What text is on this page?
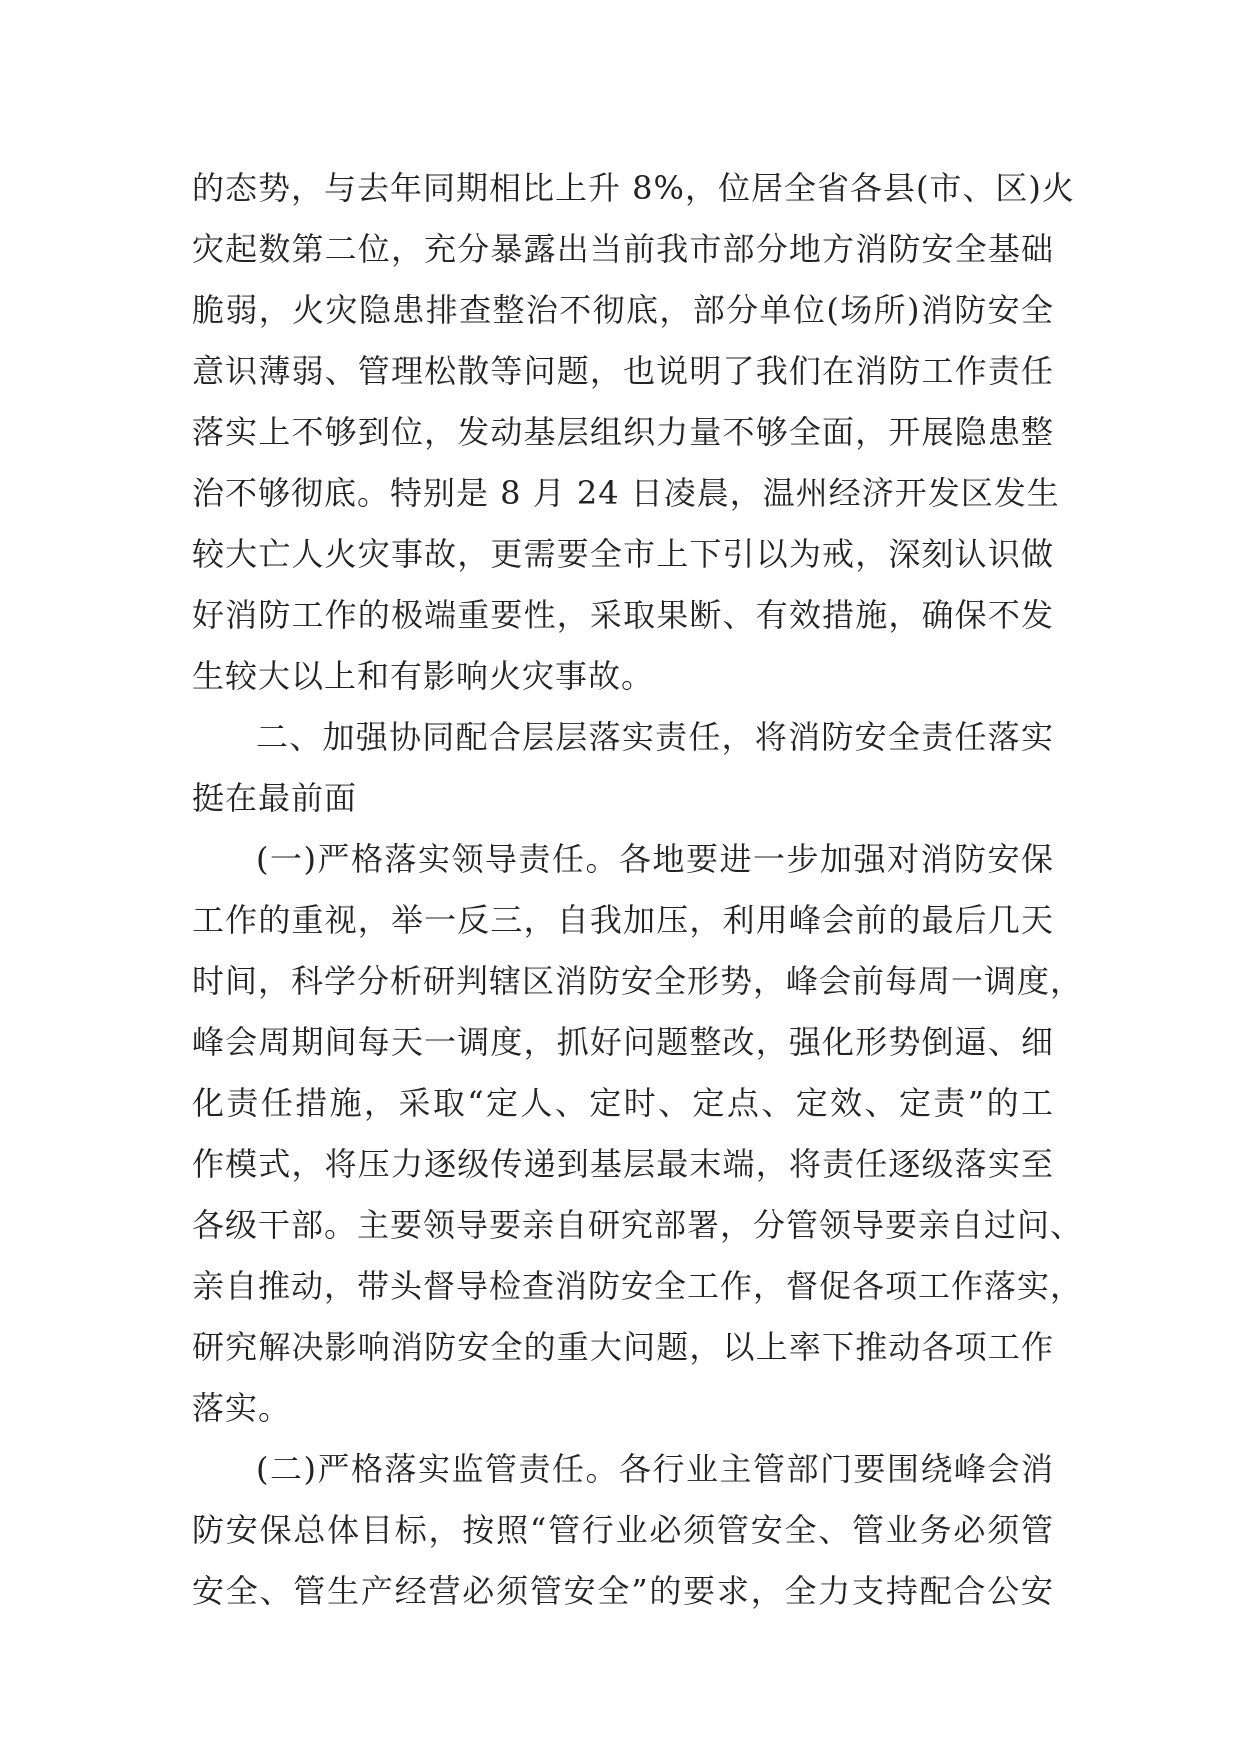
的态势，与去年同期相比上升 8%，位居全省各县(市、区)火
灾起数第二位，充分暴露出当前我市部分地方消防安全基础
脆弱，火灾隐患排查整治不彻底，部分单位(场所)消防安全
意识薄弱、管理松散等问题，也说明了我们在消防工作责任
落实上不够到位，发动基层组织力量不够全面，开展隐患整
治不够彻底。特别是 8 月 24 日凌晨，温州经济开发区发生
较大亡人火灾事故，更需要全市上下引以为戒，深刻认识做
好消防工作的极端重要性，采取果断、有效措施，确保不发
生较大以上和有影响火灾事故。
二、加强协同配合层层落实责任，将消防安全责任落实
挺在最前面
(一)严格落实领导责任。各地要进一步加强对消防安保
工作的重视，举一反三，自我加压，利用峰会前的最后几天
时间，科学分析研判辖区消防安全形势，峰会前每周一调度，
峰会周期间每天一调度，抓好问题整改，强化形势倒逼、细
化责任措施，采取“定人、定时、定点、定效、定责”的工
作模式，将压力逐级传递到基层最末端，将责任逐级落实至
各级干部。主要领导要亲自研究部署，分管领导要亲自过问、
亲自推动，带头督导检查消防安全工作，督促各项工作落实，
研究解决影响消防安全的重大问题，以上率下推动各项工作
落实。
(二)严格落实监管责任。各行业主管部门要围绕峰会消
防安保总体目标，按照“管行业必须管安全、管业务必须管
安全、管生产经营必须管安全”的要求，全力支持配合公安
